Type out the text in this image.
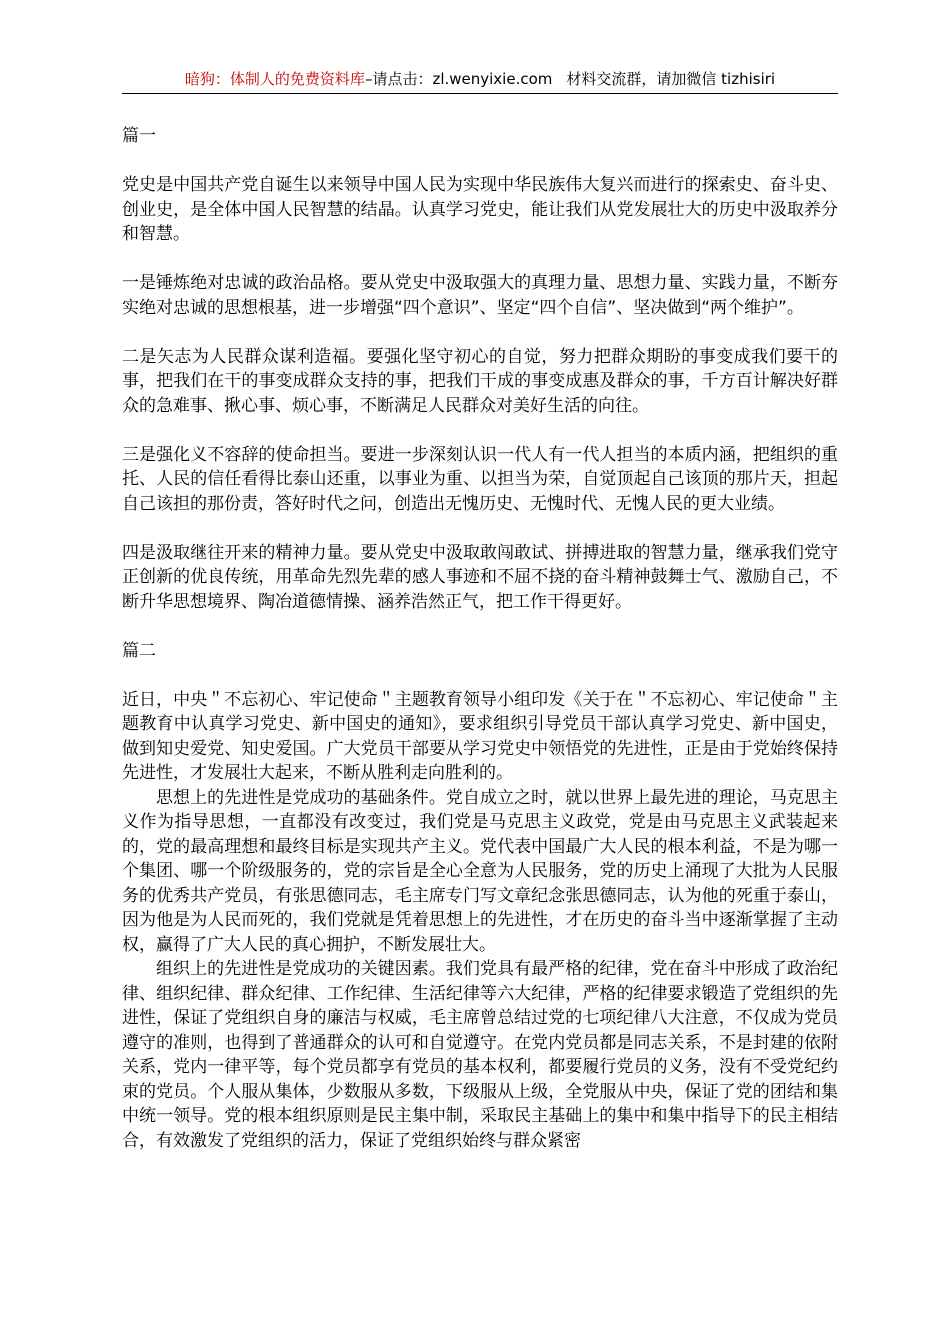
暗狗：体制人的免费资料库–请点击：zl.wenyixie.com 材料交流群，请加微信 tizhisiri

篇一

党史是中国共产党自诞生以来领导中国人民为实现中华民族伟大复兴而进行的探索史、奋斗史、创业史，是全体中国人民智慧的结晶。认真学习党史，能让我们从党发展壮大的历史中汲取养分和智慧。

一是锤炼绝对忠诚的政治品格。要从党史中汲取强大的真理力量、思想力量、实践力量，不断夯实绝对忠诚的思想根基，进一步增强“四个意识”、坚定“四个自信”、坚决做到“两个维护”。

二是矢志为人民群众谋利造福。要强化坚守初心的自觉，努力把群众期盼的事变成我们要干的事，把我们在干的事变成群众支持的事，把我们干成的事变成惠及群众的事，千方百计解决好群众的急难事、揪心事、烦心事，不断满足人民群众对美好生活的向往。

三是强化义不容辞的使命担当。要进一步深刻认识一代人有一代人担当的本质内涵，把组织的重托、人民的信任看得比泰山还重，以事业为重、以担当为荣，自觉顶起自己该顶的那片天，担起自己该担的那份责，答好时代之问，创造出无愧历史、无愧时代、无愧人民的更大业绩。

四是汲取继往开来的精神力量。要从党史中汲取敢闯敢试、拼搏进取的智慧力量，继承我们党守正创新的优良传统，用革命先烈先辈的感人事迹和不屈不挠的奋斗精神鼓舞士气、激励自己，不断升华思想境界、陶冶道德情操、涵养浩然正气，把工作干得更好。

篇二

近日，中央＂不忘初心、牢记使命＂主题教育领导小组印发《关于在＂不忘初心、牢记使命＂主题教育中认真学习党史、新中国史的通知》，要求组织引导党员干部认真学习党史、新中国史，做到知史爱党、知史爱国。广大党员干部要从学习党史中领悟党的先进性，正是由于党始终保持先进性，才发展壮大起来，不断从胜利走向胜利的。

思想上的先进性是党成功的基础条件。党自成立之时，就以世界上最先进的理论，马克思主义作为指导思想，一直都没有改变过，我们党是马克思主义政党，党是由马克思主义武装起来的，党的最高理想和最终目标是实现共产主义。党代表中国最广大人民的根本利益，不是为哪一个集团、哪一个阶级服务的，党的宗旨是全心全意为人民服务，党的历史上涌现了大批为人民服务的优秀共产党员，有张思德同志，毛主席专门写文章纪念张思德同志，认为他的死重于泰山，因为他是为人民而死的，我们党就是凭着思想上的先进性，才在历史的奋斗当中逐渐掌握了主动权，赢得了广大人民的真心拥护，不断发展壮大。

组织上的先进性是党成功的关键因素。我们党具有最严格的纪律，党在奋斗中形成了政治纪律、组织纪律、群众纪律、工作纪律、生活纪律等六大纪律，严格的纪律要求锻造了党组织的先进性，保证了党组织自身的廉洁与权威，毛主席曾总结过党的七项纪律八大注意，不仅成为党员遵守的准则，也得到了普通群众的认可和自觉遵守。在党内党员都是同志关系，不是封建的依附关系，党内一律平等，每个党员都享有党员的基本权利，都要履行党员的义务，没有不受党纪约束的党员。个人服从集体，少数服从多数，下级服从上级，全党服从中央，保证了党的团结和集中统一领导。党的根本组织原则是民主集中制，采取民主基础上的集中和集中指导下的民主相结合，有效激发了党组织的活力，保证了党组织始终与群众紧密
